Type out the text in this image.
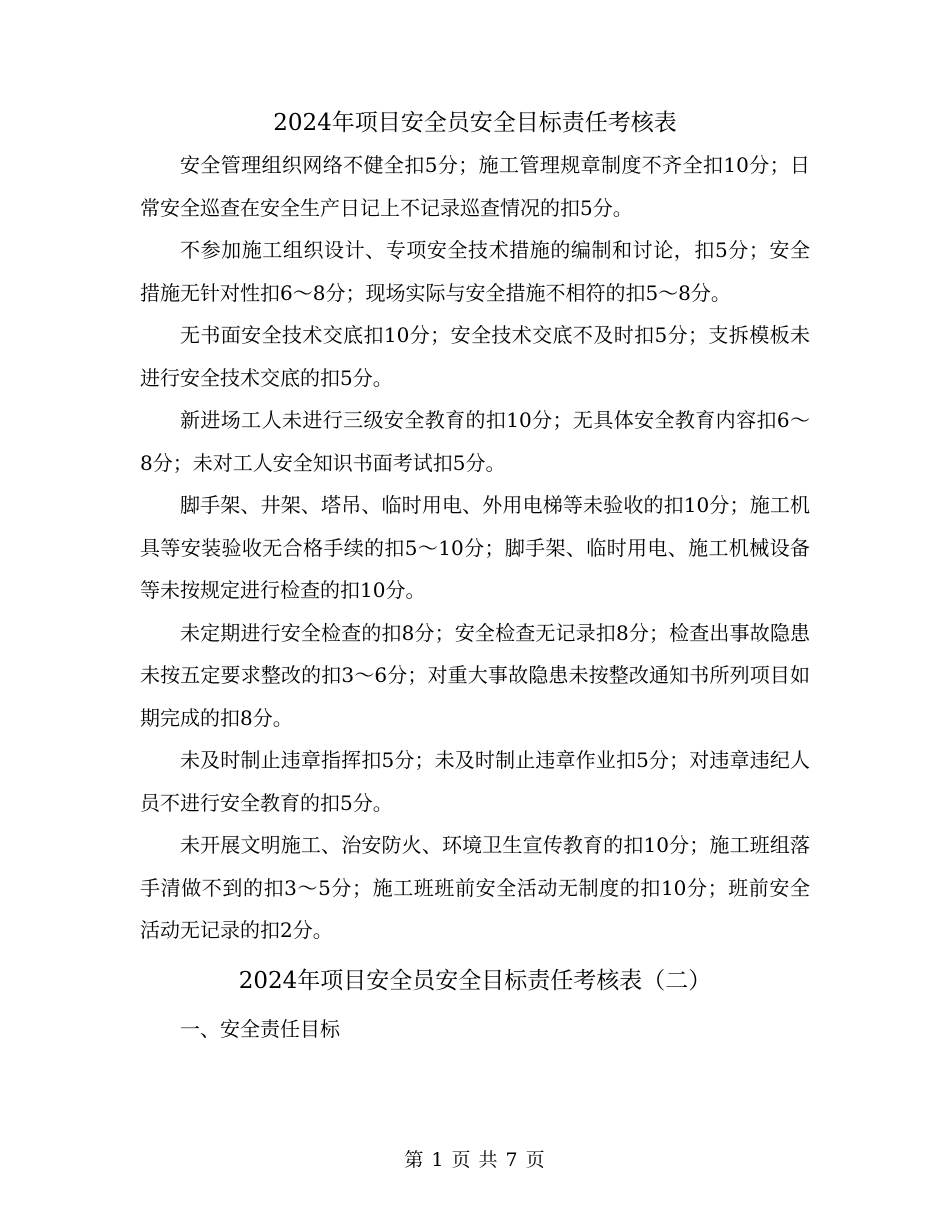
2024年项目安全员安全目标责任考核表

安全管理组织网络不健全扣5分；施工管理规章制度不齐全扣10分；日常安全巡查在安全生产日记上不记录巡查情况的扣5分。

不参加施工组织设计、专项安全技术措施的编制和讨论，扣5分；安全措施无针对性扣6～8分；现场实际与安全措施不相符的扣5～8分。

无书面安全技术交底扣10分；安全技术交底不及时扣5分；支拆模板未进行安全技术交底的扣5分。

新进场工人未进行三级安全教育的扣10分；无具体安全教育内容扣6～8分；未对工人安全知识书面考试扣5分。

脚手架、井架、塔吊、临时用电、外用电梯等未验收的扣10分；施工机具等安装验收无合格手续的扣5～10分；脚手架、临时用电、施工机械设备等未按规定进行检查的扣10分。

未定期进行安全检查的扣8分；安全检查无记录扣8分；检查出事故隐患未按五定要求整改的扣3～6分；对重大事故隐患未按整改通知书所列项目如期完成的扣8分。

未及时制止违章指挥扣5分；未及时制止违章作业扣5分；对违章违纪人员不进行安全教育的扣5分。

未开展文明施工、治安防火、环境卫生宣传教育的扣10分；施工班组落手清做不到的扣3～5分；施工班班前安全活动无制度的扣10分；班前安全活动无记录的扣2分。

2024年项目安全员安全目标责任考核表（二）

一、安全责任目标

第 1 页 共 7 页
